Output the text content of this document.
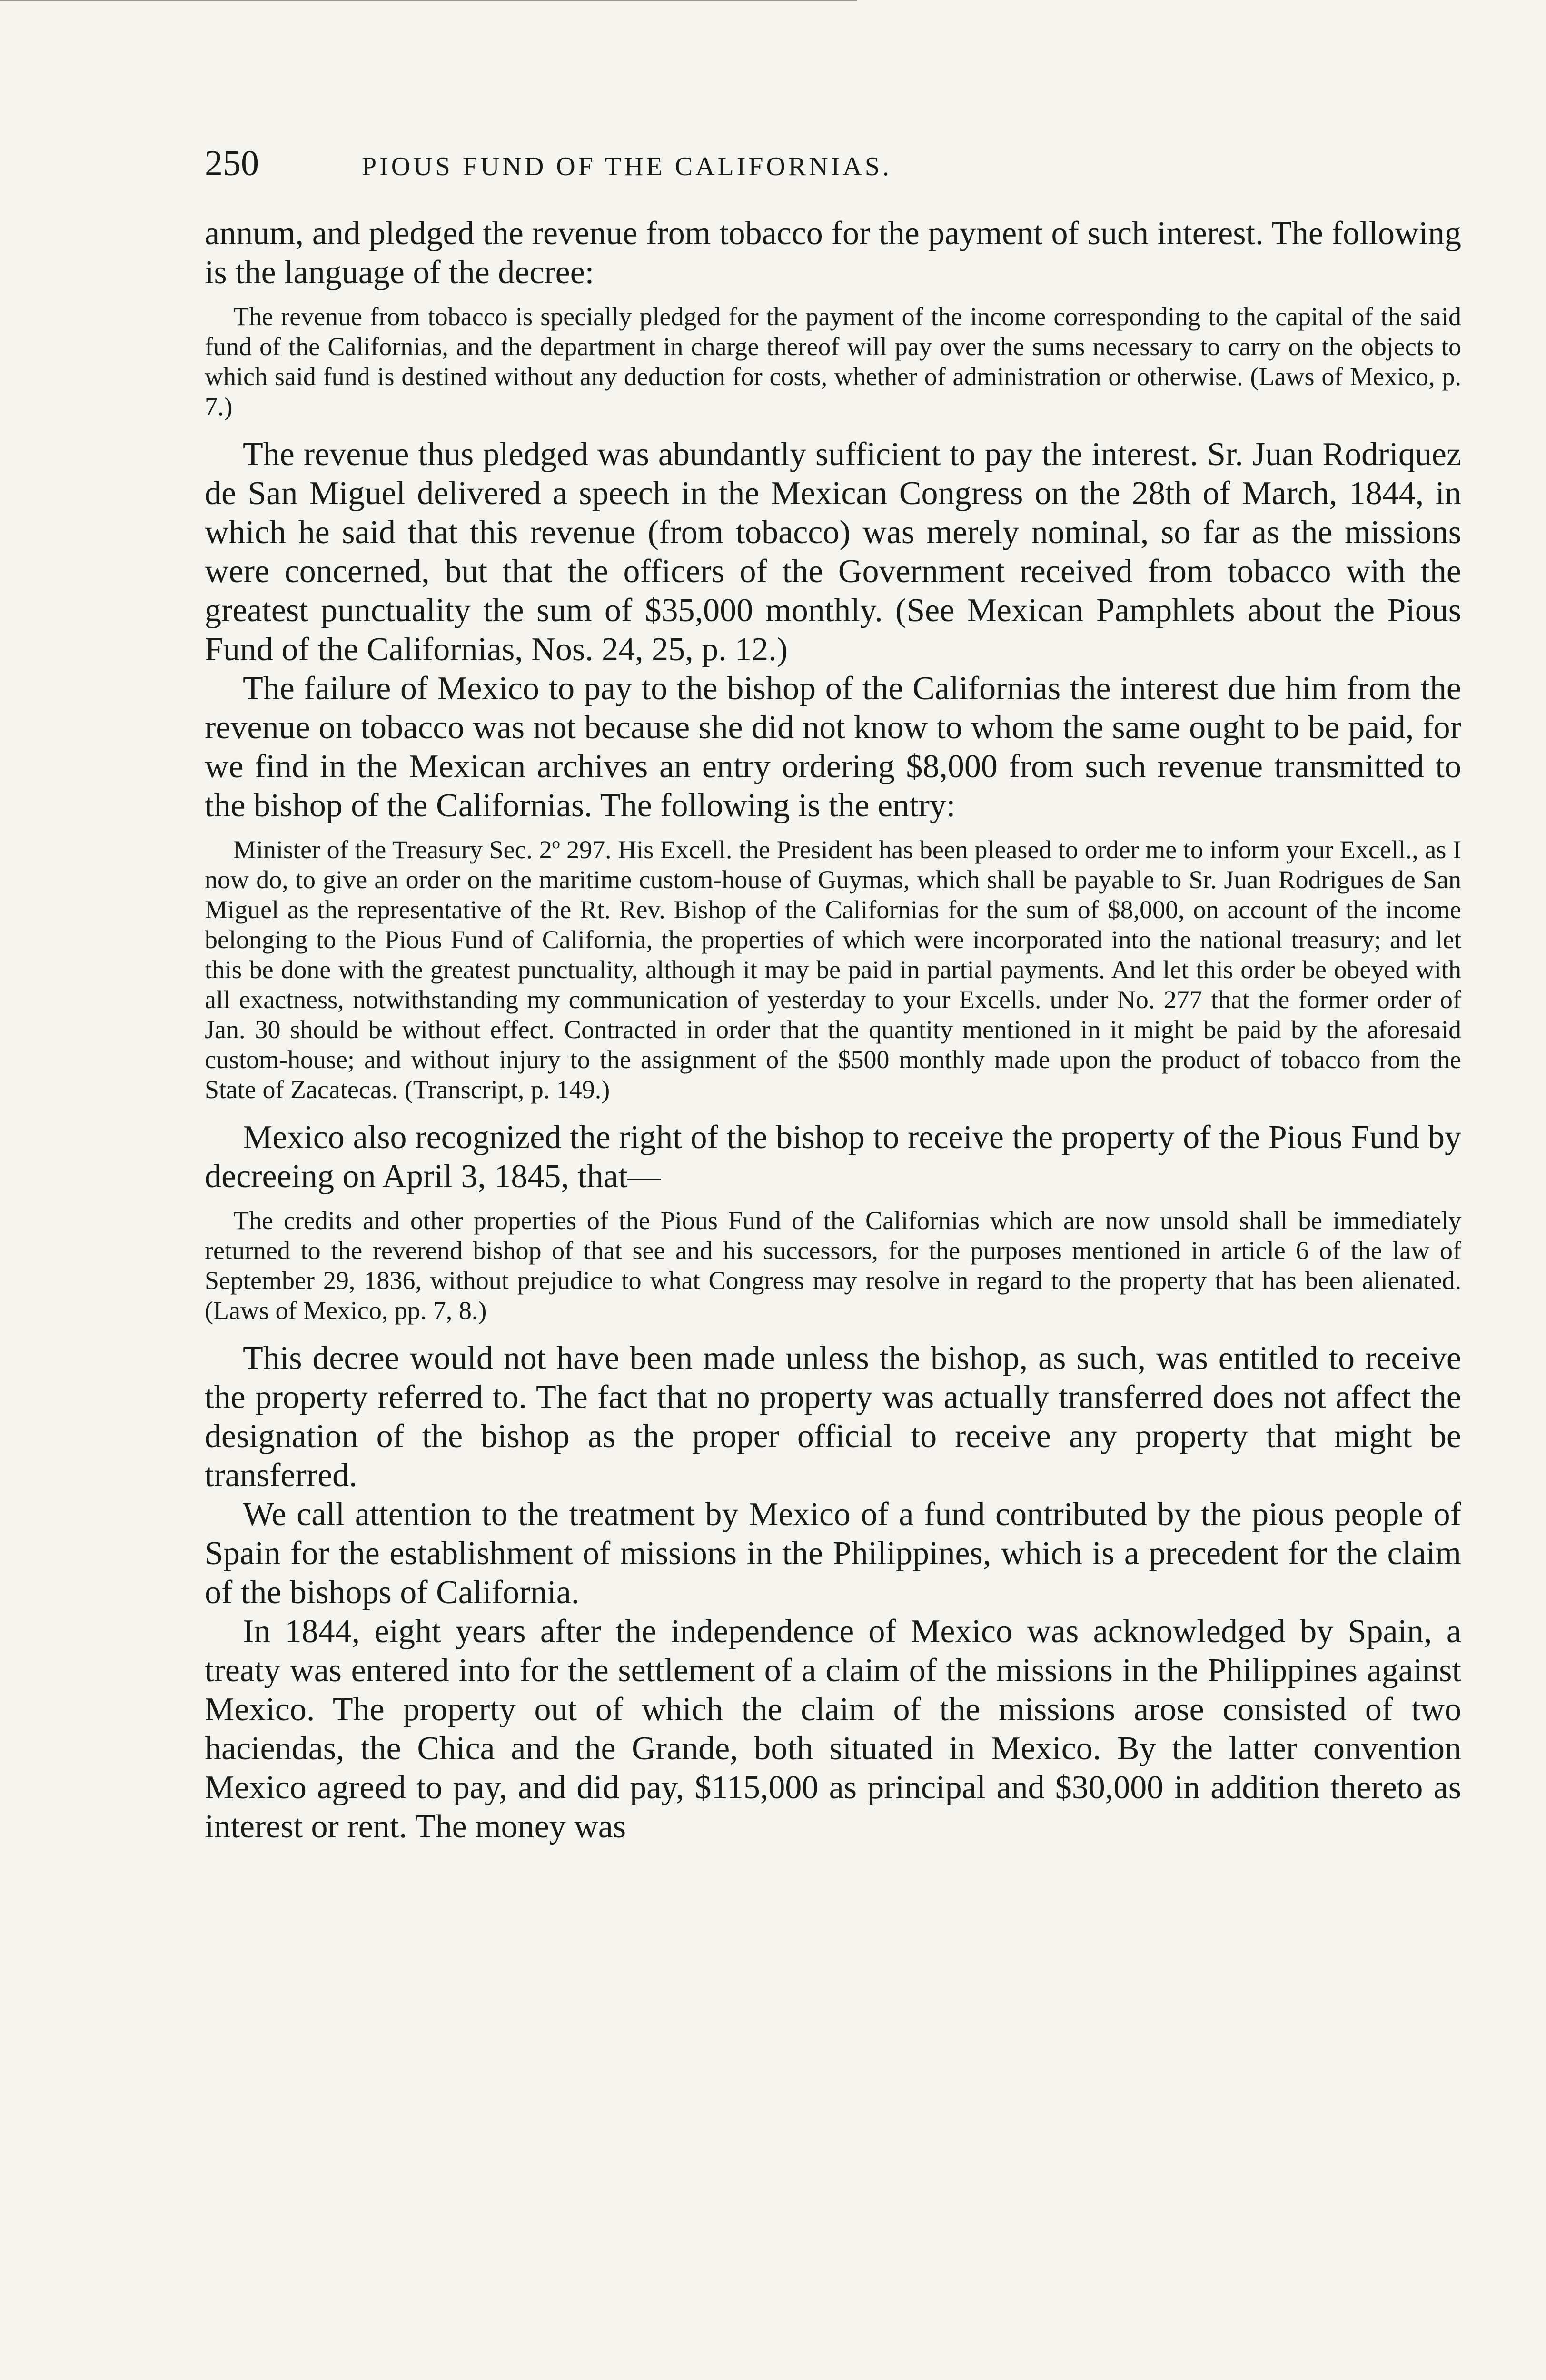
250	PIOUS FUND OF THE CALIFORNIAS.

annum, and pledged the revenue from tobacco for the payment of such interest. The following is the language of the decree:

The revenue from tobacco is specially pledged for the payment of the income corresponding to the capital of the said fund of the Californias, and the department in charge thereof will pay over the sums necessary to carry on the objects to which said fund is destined without any deduction for costs, whether of administration or otherwise. (Laws of Mexico, p. 7.)

The revenue thus pledged was abundantly sufficient to pay the interest. Sr. Juan Rodriquez de San Miguel delivered a speech in the Mexican Congress on the 28th of March, 1844, in which he said that this revenue (from tobacco) was merely nominal, so far as the missions were concerned, but that the officers of the Government received from tobacco with the greatest punctuality the sum of $35,000 monthly. (See Mexican Pamphlets about the Pious Fund of the Californias, Nos. 24, 25, p. 12.)

The failure of Mexico to pay to the bishop of the Californias the interest due him from the revenue on tobacco was not because she did not know to whom the same ought to be paid, for we find in the Mexican archives an entry ordering $8,000 from such revenue transmitted to the bishop of the Californias. The following is the entry:

Minister of the Treasury Sec. 2º 297. His Excell. the President has been pleased to order me to inform your Excell., as I now do, to give an order on the maritime custom-house of Guymas, which shall be payable to Sr. Juan Rodrigues de San Miguel as the representative of the Rt. Rev. Bishop of the Californias for the sum of $8,000, on account of the income belonging to the Pious Fund of California, the properties of which were incorporated into the national treasury; and let this be done with the greatest punctuality, although it may be paid in partial payments. And let this order be obeyed with all exactness, notwithstanding my communication of yesterday to your Excells. under No. 277 that the former order of Jan. 30 should be without effect. Contracted in order that the quantity mentioned in it might be paid by the aforesaid custom-house; and without injury to the assignment of the $500 monthly made upon the product of tobacco from the State of Zacatecas. (Transcript, p. 149.)

Mexico also recognized the right of the bishop to receive the property of the Pious Fund by decreeing on April 3, 1845, that—

The credits and other properties of the Pious Fund of the Californias which are now unsold shall be immediately returned to the reverend bishop of that see and his successors, for the purposes mentioned in article 6 of the law of September 29, 1836, without prejudice to what Congress may resolve in regard to the property that has been alienated. (Laws of Mexico, pp. 7, 8.)

This decree would not have been made unless the bishop, as such, was entitled to receive the property referred to. The fact that no property was actually transferred does not affect the designation of the bishop as the proper official to receive any property that might be transferred.

We call attention to the treatment by Mexico of a fund contributed by the pious people of Spain for the establishment of missions in the Philippines, which is a precedent for the claim of the bishops of California.

In 1844, eight years after the independence of Mexico was acknowledged by Spain, a treaty was entered into for the settlement of a claim of the missions in the Philippines against Mexico. The property out of which the claim of the missions arose consisted of two haciendas, the Chica and the Grande, both situated in Mexico. By the latter convention Mexico agreed to pay, and did pay, $115,000 as principal and $30,000 in addition thereto as interest or rent. The money was
